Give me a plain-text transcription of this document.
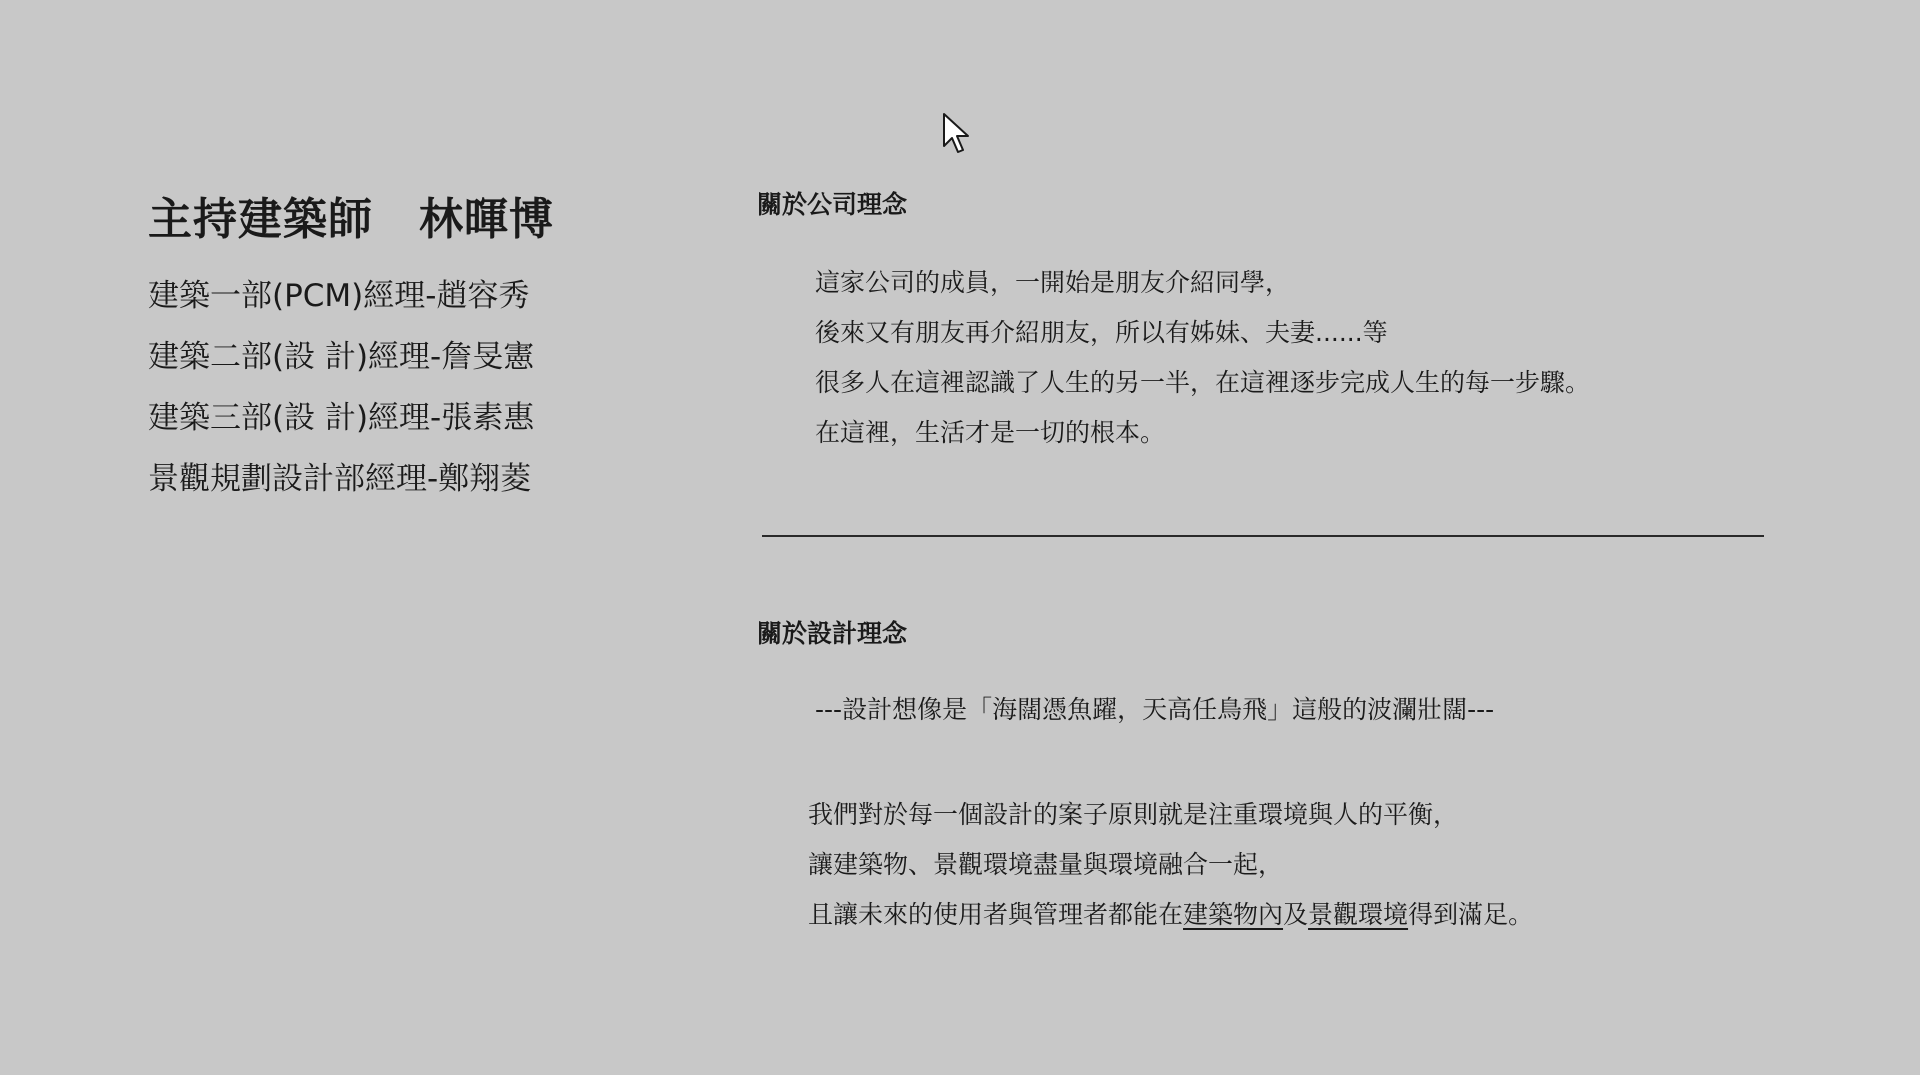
主持建築師 林暉博
建築一部(PCM)經理-趙容秀
建築二部(設 計)經理-詹旻憲
建築三部(設 計)經理-張素惠
景觀規劃設計部經理-鄭翔菱
關於公司理念

這家公司的成員，一開始是朋友介紹同學，

後來又有朋友再介紹朋友，所以有姊妹、夫妻......等

很多人在這裡認識了人生的另一半，在這裡逐步完成人生的每一步驟。

在這裡，生活才是一切的根本。

關於設計理念

---設計想像是「海闊憑魚躍，天高任鳥飛」這般的波瀾壯闊---

我們對於每一個設計的案子原則就是注重環境與人的平衡，

讓建築物、景觀環境盡量與環境融合一起，

且讓未來的使用者與管理者都能在建築物內及景觀環境得到滿足。
